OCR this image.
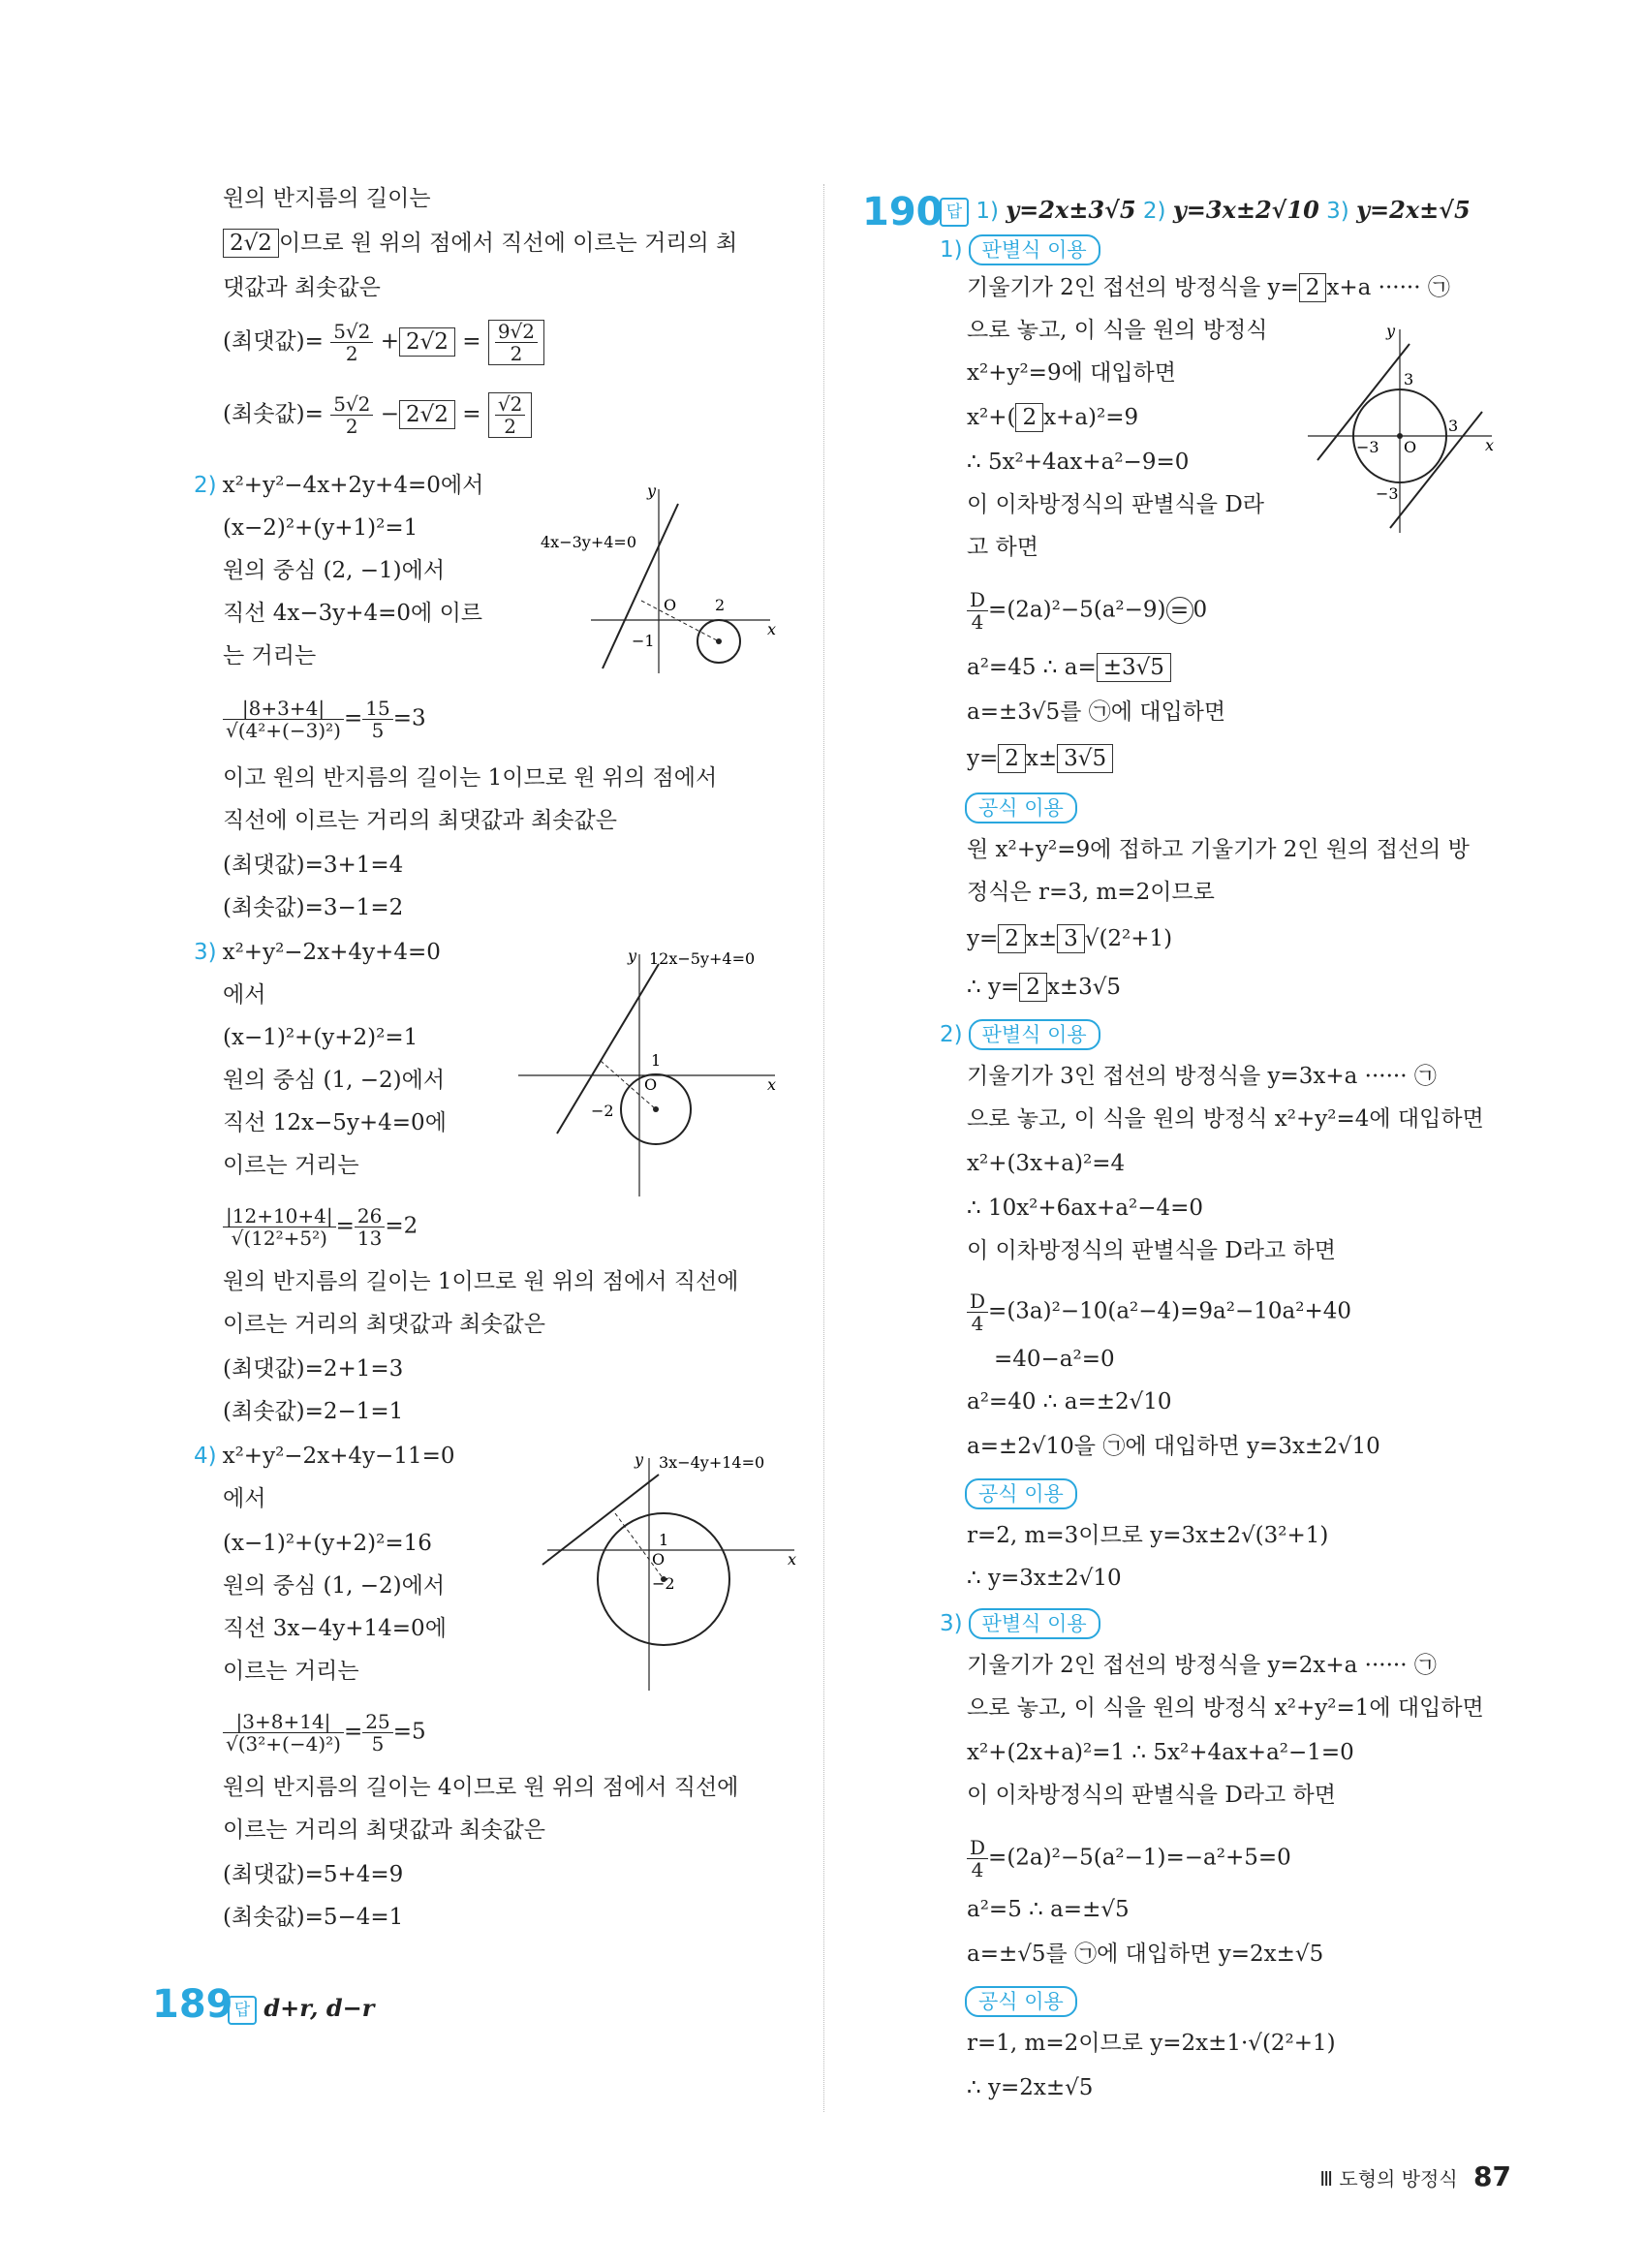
원의 반지름의 길이는
2√2 이므로 원 위의 점에서 직선에 이르는 거리의 최
댓값과 최솟값은
(최댓값)= $\frac{5√2}{2} + 2√2 = \frac{9√2}{2}$
(최솟값)= $\frac{5√2}{2} - 2√2 = \frac{√2}{2}$
2) x²+y²−4x+2y+4=0에서
(x−2)²+(y+1)²=1
원의 중심 (2, −1)에서
직선 4x−3y+4=0에 이르
는 거리는
$\frac{|8+3+4|}{\text{√(4²+(−3)²)}} = \frac{15}{5} =3$
이고 원의 반지름의 길이는 1이므로 원 위의 점에서
직선에 이르는 거리의 최댓값과 최솟값은
(최댓값)=3+1=4
(최솟값)=3−1=2
3) x²+y²−2x+4y+4=0
에서
(x−1)²+(y+2)²=1
원의 중심 (1, −2)에서
직선 12x−5y+4=0에
이르는 거리는
$\frac{|12+10+4|}{\text{√(12²+5²)}} = \frac{26}{13} =2$
원의 반지름의 길이는 1이므로 원 위의 점에서 직선에
이르는 거리의 최댓값과 최솟값은
(최댓값)=2+1=3
(최솟값)=2−1=1
4) x²+y²−2x+4y−11=0
에서
(x−1)²+(y+2)²=16
원의 중심 (1, −2)에서
직선 3x−4y+14=0에
이르는 거리는
$\frac{|3+8+14|}{\text{√(3²+(−4)²)}} = \frac{25}{5} =5$
원의 반지름의 길이는 4이므로 원 위의 점에서 직선에
이르는 거리의 최댓값과 최솟값은
(최댓값)=5+4=9
(최솟값)=5−4=1
x
y
O 2
−1
4x−3y+4=0
x
y
O
1
−2
12x−5y+4=0
x
y
O
1
−2
3x−4y+14=0
189 답 d+r, d−r
190 답 1) y=2x±3√5 2) y=3x±2√10 3) y=2x±√5
1) 판별식 이용
기울기가 2인 접선의 방정식을 y= 2 x+a ······ ㉠
으로 놓고, 이 식을 원의 방정식
x²+y²=9에 대입하면
x²+( 2 x+a)²=9
∴ 5x²+4ax+a²−9=0
이 이차방정식의 판별식을 D라
고 하면
$\frac{D}{4} =(2a)^2-5(a^2-9) = 0$
a²=45 ∴ a= ±3√5
a=±3√5를 ㉠에 대입하면
y= 2 x± 3√5
공식 이용
원 x²+y²=9에 접하고 기울기가 2인 원의 접선의 방
정식은 r=3, m=2이므로
y= 2 x± 3 √(2²+1)
∴ y= 2 x±3√5
2) 판별식 이용
기울기가 3인 접선의 방정식을 y=3x+a ······ ㉠
으로 놓고, 이 식을 원의 방정식 x²+y²=4에 대입하면
x²+(3x+a)²=4
∴ 10x²+6ax+a²−4=0
이 이차방정식의 판별식을 D라고 하면
$\frac{D}{4} =(3a)^2-10(a^2-4)=9a^2-10a^2+40$
=40−a²=0
a²=40 ∴ a=±2√10
a=±2√10을 ㉠에 대입하면 y=3x±2√10
공식 이용
r=2, m=3이므로 y=3x±2√(3²+1)
∴ y=3x±2√10
3) 판별식 이용
기울기가 2인 접선의 방정식을 y=2x+a ······ ㉠
으로 놓고, 이 식을 원의 방정식 x²+y²=1에 대입하면
x²+(2x+a)²=1 ∴ 5x²+4ax+a²−1=0
이 이차방정식의 판별식을 D라고 하면
$\frac{D}{4} =(2a)^2-5(a^2-1)=-a^2+5=0$
a²=5 ∴ a=±√5
a=±√5를 ㉠에 대입하면 y=2x±√5
공식 이용
r=1, m=2이므로 y=2x±1·√(2²+1)
∴ y=2x±√5
x
y
O
3
3
−3
−3
Ⅲ 도형의 방정식 87
